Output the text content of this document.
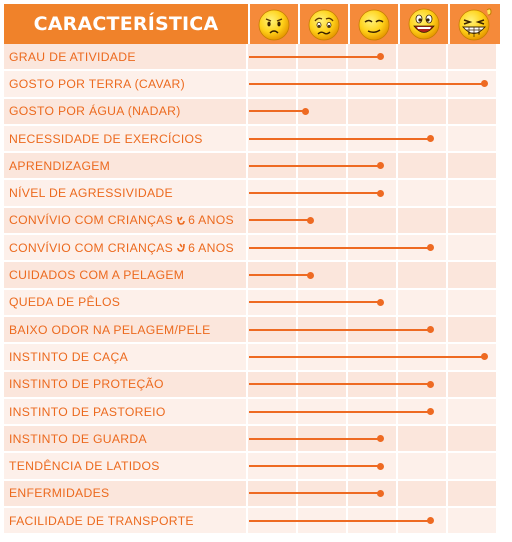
CARACTERÍSTICA
GRAU DE ATIVIDADE
GOSTO POR TERRA (CAVAR)
GOSTO POR ÁGUA (NADAR)
NECESSIDADE DE EXERCÍCIOS
APRENDIZAGEM
NÍVEL DE AGRESSIVIDADE
CONVÍVIO COM CRIANÇAS 6 ANOS
CONVÍVIO COM CRIANÇAS 6 ANOS
CUIDADOS COM A PELAGEM
QUEDA DE PÊLOS
BAIXO ODOR NA PELAGEM/PELE
INSTINTO DE CAÇA
INSTINTO DE PROTEÇÃO
INSTINTO DE PASTOREIO
INSTINTO DE GUARDA
TENDÊNCIA DE LATIDOS
ENFERMIDADES
FACILIDADE DE TRANSPORTE
